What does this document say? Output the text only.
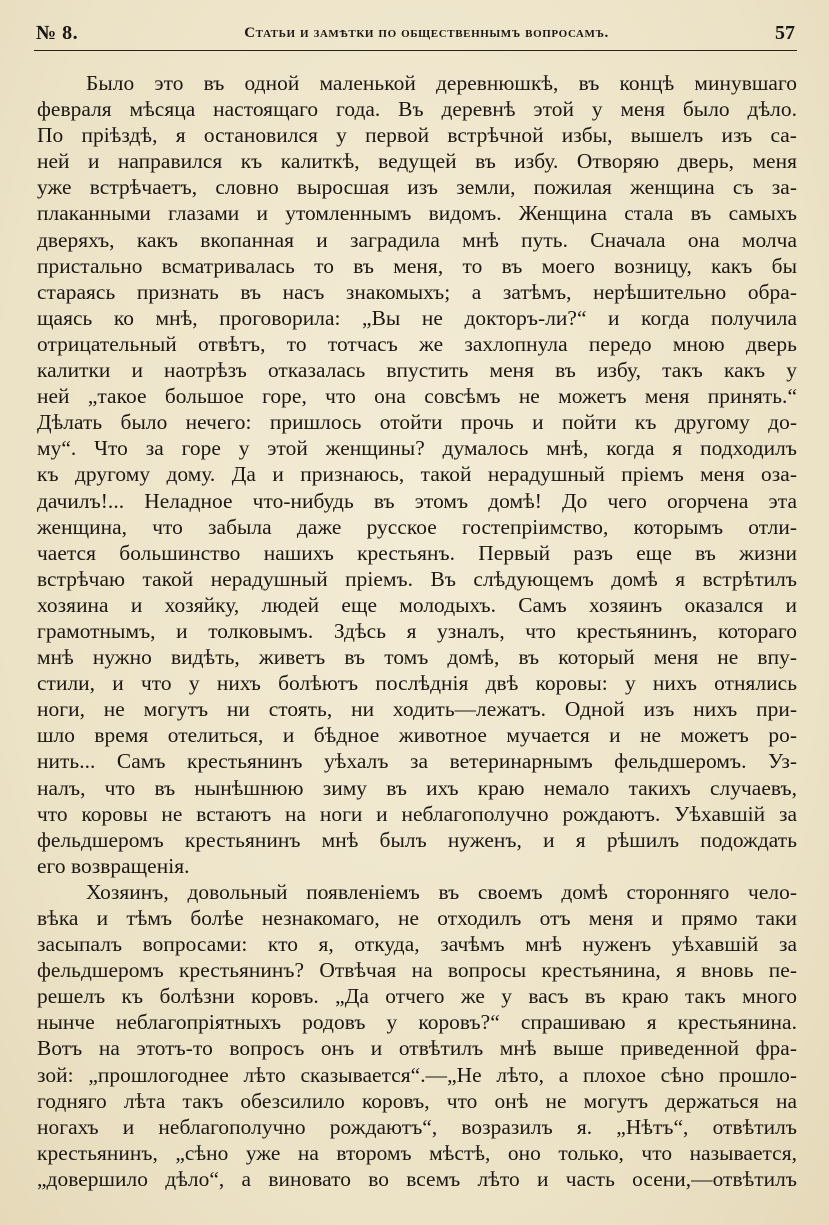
№ 8.	Статьи и замѣтки по общественнымъ вопросамъ.	57
Было это въ одной маленькой деревнюшкѣ, въ концѣ минувшаго
февраля мѣсяца настоящаго года. Въ деревнѣ этой у меня было дѣло.
По пріѣздѣ, я остановился у первой встрѣчной избы, вышелъ изъ са-
ней и направился къ калиткѣ, ведущей въ избу. Отворяю дверь, меня
уже встрѣчаетъ, словно выросшая изъ земли, пожилая женщина съ за-
плаканными глазами и утомленнымъ видомъ. Женщина стала въ самыхъ
дверяхъ, какъ вкопанная и заградила мнѣ путь. Сначала она молча
пристально всматривалась то въ меня, то въ моего возницу, какъ бы
стараясь признать въ насъ знакомыхъ; а затѣмъ, нерѣшительно обра-
щаясь ко мнѣ, проговорила: „Вы не докторъ-ли?“ и когда получила
отрицательный отвѣтъ, то тотчасъ же захлопнула передо мною дверь
калитки и наотрѣзъ отказалась впустить меня въ избу, такъ какъ у
ней „такое большое горе, что она совсѣмъ не можетъ меня принять.“
Дѣлать было нечего: пришлось отойти прочь и пойти къ другому до-
му“. Что за горе у этой женщины? думалось мнѣ, когда я подходилъ
къ другому дому. Да и признаюсь, такой нерадушный пріемъ меня оза-
дачилъ!... Неладное что-нибудь въ этомъ домѣ! До чего огорчена эта
женщина, что забыла даже русское гостепріимство, которымъ отли-
чается большинство нашихъ крестьянъ. Первый разъ еще въ жизни
встрѣчаю такой нерадушный пріемъ. Въ слѣдующемъ домѣ я встрѣтилъ
хозяина и хозяйку, людей еще молодыхъ. Самъ хозяинъ оказался и
грамотнымъ, и толковымъ. Здѣсь я узналъ, что крестьянинъ, котораго
мнѣ нужно видѣть, живетъ въ томъ домѣ, въ который меня не впу-
стили, и что у нихъ болѣютъ послѣднія двѣ коровы: у нихъ отнялись
ноги, не могутъ ни стоять, ни ходить—лежатъ. Одной изъ нихъ при-
шло время отелиться, и бѣдное животное мучается и не можетъ ро-
нить... Самъ крестьянинъ уѣхалъ за ветеринарнымъ фельдшеромъ. Уз-
налъ, что въ нынѣшнюю зиму въ ихъ краю немало такихъ случаевъ,
что коровы не встаютъ на ноги и неблагополучно рождаютъ. Уѣхавшій за
фельдшеромъ крестьянинъ мнѣ былъ нуженъ, и я рѣшилъ подождать
его возвращенія.
Хозяинъ, довольный появленіемъ въ своемъ домѣ сторонняго чело-
вѣка и тѣмъ болѣе незнакомаго, не отходилъ отъ меня и прямо таки
засыпалъ вопросами: кто я, откуда, зачѣмъ мнѣ нуженъ уѣхавшій за
фельдшеромъ крестьянинъ? Отвѣчая на вопросы крестьянина, я вновь пе-
решелъ къ болѣзни коровъ. „Да отчего же у васъ въ краю такъ много
нынче неблагопріятныхъ родовъ у коровъ?“ спрашиваю я крестьянина.
Вотъ на этотъ-то вопросъ онъ и отвѣтилъ мнѣ выше приведенной фра-
зой: „прошлогоднее лѣто сказывается“.—„Не лѣто, а плохое сѣно прошло-
годняго лѣта такъ обезсилило коровъ, что онѣ не могутъ держаться на
ногахъ и неблагополучно рождаютъ“, возразилъ я. „Нѣтъ“, отвѣтилъ
крестьянинъ, „сѣно уже на второмъ мѣстѣ, оно только, что называется,
„довершило дѣло“, а виновато во всемъ лѣто и часть осени,—отвѣтилъ
